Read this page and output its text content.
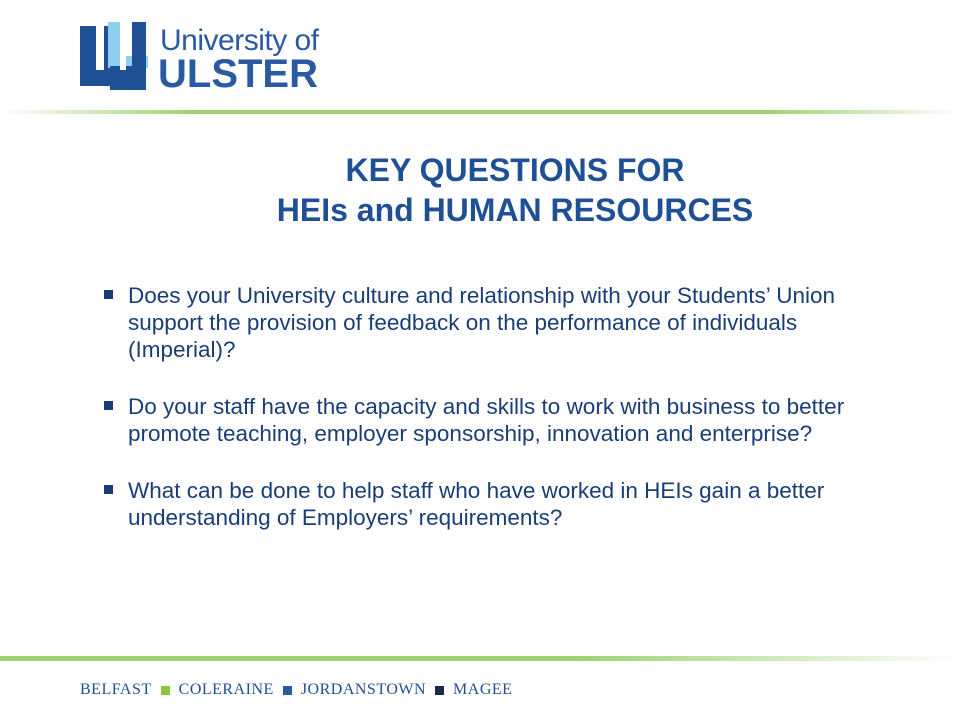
University of
ULSTER
KEY QUESTIONS FOR
HEIs and HUMAN RESOURCES
Does your University culture and relationship with your Students’ Union support the provision of feedback on the performance of individuals (Imperial)?
Do your staff have the capacity and skills to work with business to better promote teaching, employer sponsorship, innovation and enterprise?
What can be done to help staff who have worked in HEIs gain a better understanding of Employers’ requirements?
BELFAST COLERAINE JORDANSTOWN MAGEE
